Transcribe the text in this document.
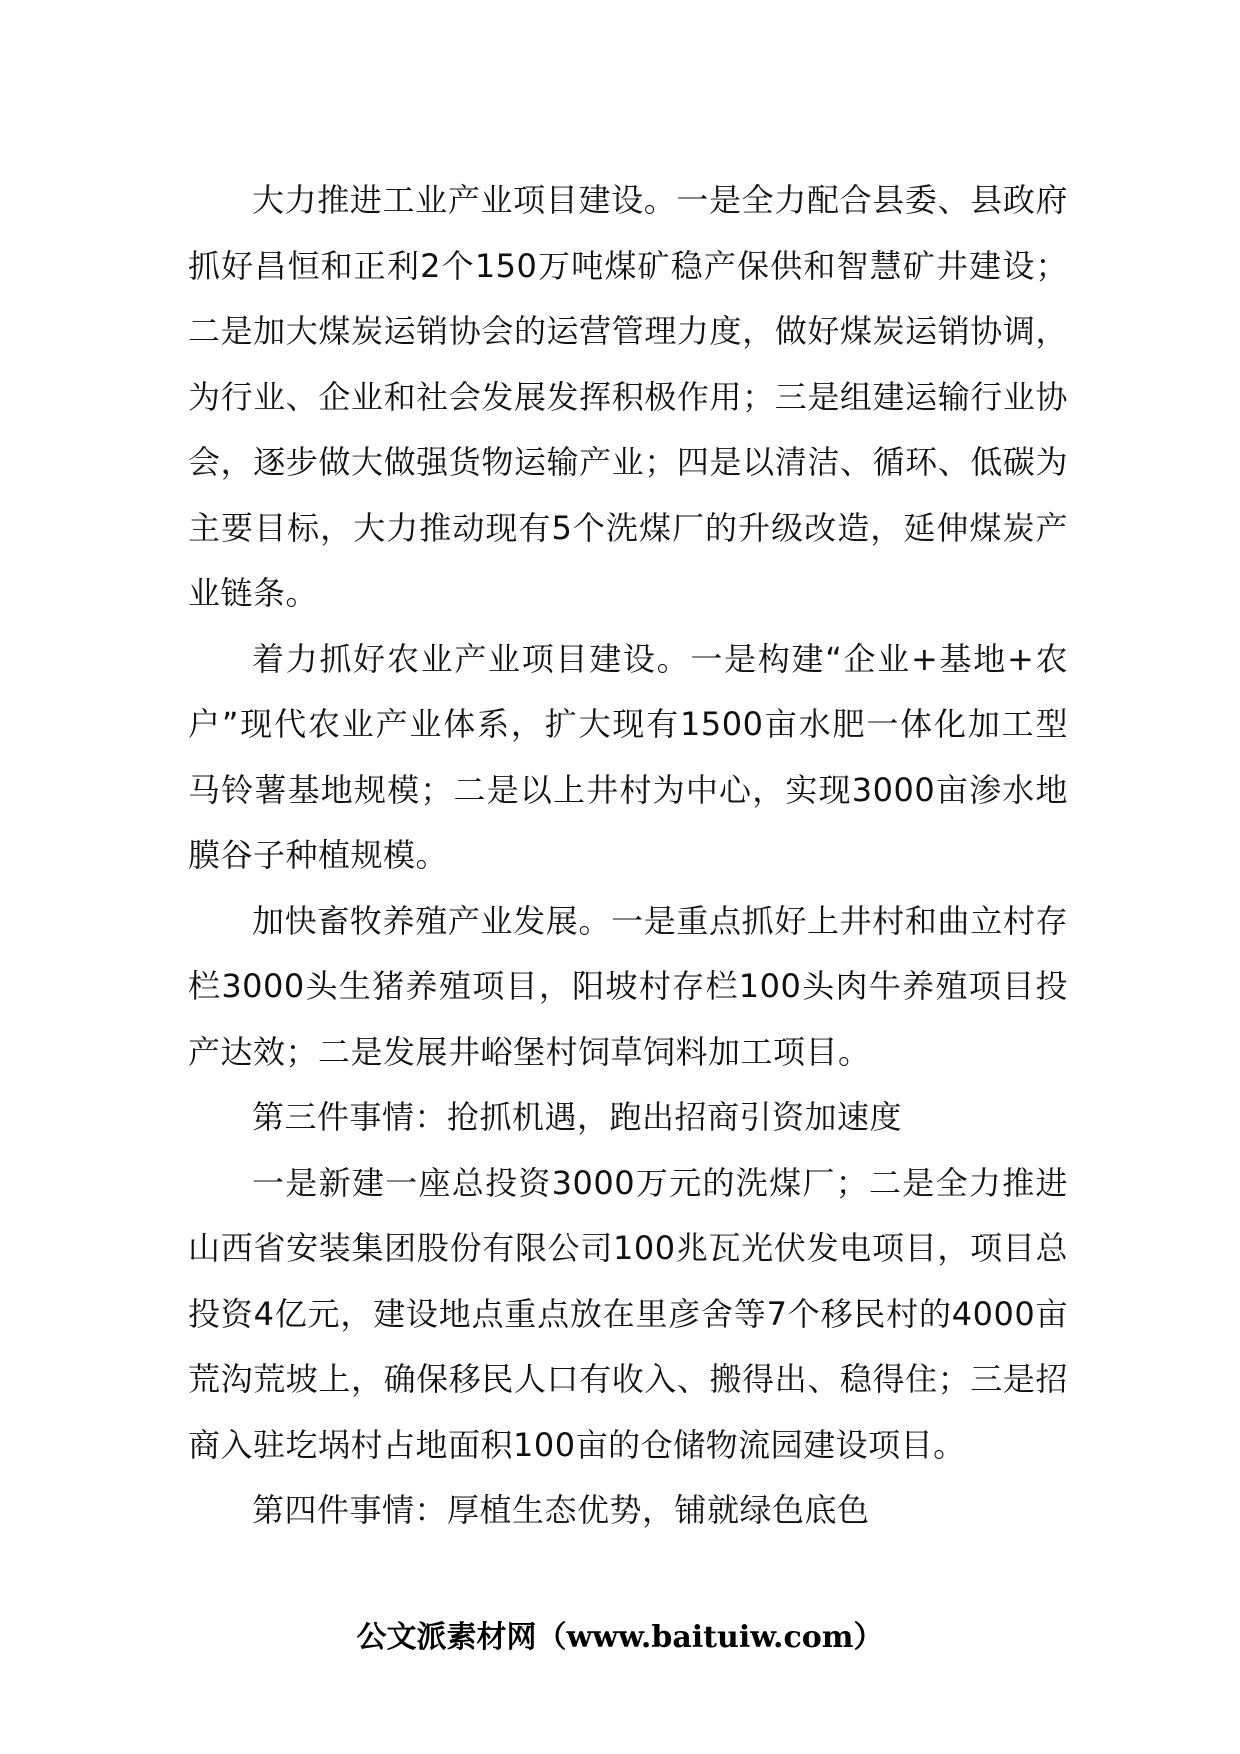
大力推进工业产业项目建设。一是全力配合县委、县政府抓好昌恒和正利2个150万吨煤矿稳产保供和智慧矿井建设；二是加大煤炭运销协会的运营管理力度，做好煤炭运销协调，为行业、企业和社会发展发挥积极作用；三是组建运输行业协会，逐步做大做强货物运输产业；四是以清洁、循环、低碳为主要目标，大力推动现有5个洗煤厂的升级改造，延伸煤炭产业链条。

着力抓好农业产业项目建设。一是构建“企业+基地+农户”现代农业产业体系，扩大现有1500亩水肥一体化加工型马铃薯基地规模；二是以上井村为中心，实现3000亩渗水地膜谷子种植规模。

加快畜牧养殖产业发展。一是重点抓好上井村和曲立村存栏3000头生猪养殖项目，阳坡村存栏100头肉牛养殖项目投产达效；二是发展井峪堡村饲草饲料加工项目。

第三件事情：抢抓机遇，跑出招商引资加速度

一是新建一座总投资3000万元的洗煤厂；二是全力推进山西省安装集团股份有限公司100兆瓦光伏发电项目，项目总投资4亿元，建设地点重点放在里彦舍等7个移民村的4000亩荒沟荒坡上，确保移民人口有收入、搬得出、稳得住；三是招商入驻圪埚村占地面积100亩的仓储物流园建设项目。

第四件事情：厚植生态优势，铺就绿色底色

公文派素材网（www.baituiw.com）
